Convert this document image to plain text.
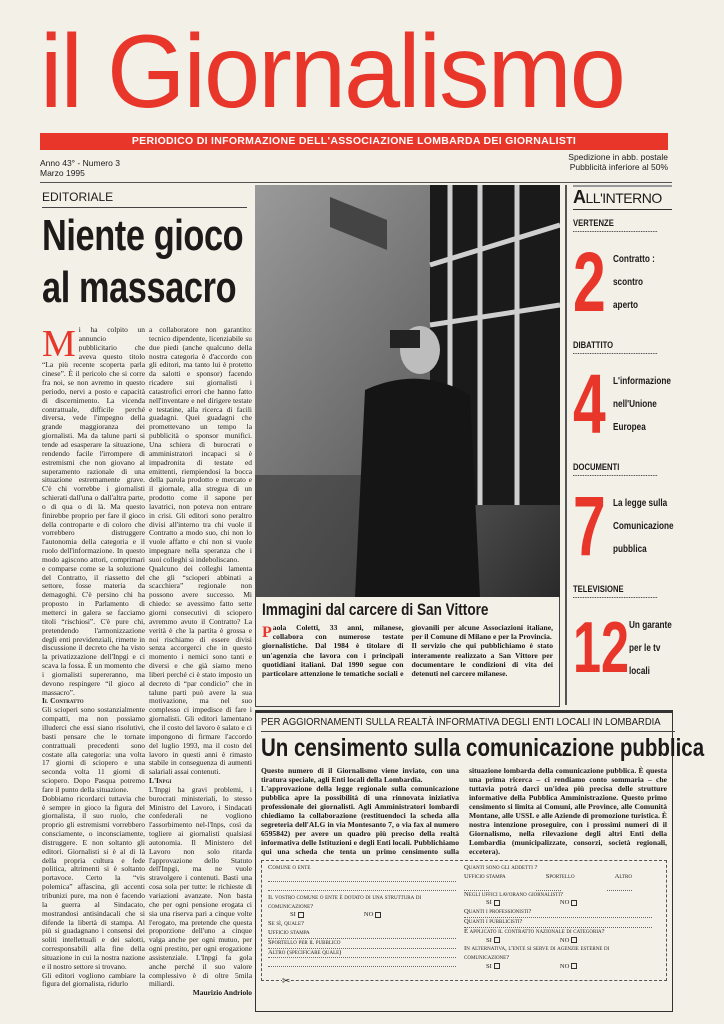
il Giornalismo
PERIODICO DI INFORMAZIONE DELL'ASSOCIAZIONE LOMBARDA DEI GIORNALISTI
Anno 43° - Numero 3
Marzo 1995
Spedizione in abb. postale
Pubblicità inferiore al 50%
EDITORIALE
Niente gioco
al massacro

Mi ha colpito un annuncio pubblicitario che aveva questo titolo “La più recente scoperta parla cinese”. È il pericolo che si corre fra noi, se non avremo in questo periodo, nervi a posto e capacità di discernimento. La vicenda contrattuale, difficile perché diversa, vede l'impegno della grande maggioranza dei giornalisti. Ma da talune parti si tende ad esasperare la situazione, rendendo facile l'irrompere di estremismi che non giovano al superamento razionale di una situazione estremamente grave. C'è chi vorrebbe i giornalisti schierati dall'una o dall'altra parte, o di qua o di là. Ma questo finirebbe proprio per fare il gioco della controparte e di coloro che vorrebbero distruggere l'autonomia della categoria e il ruolo dell'informazione. In questo modo agiscono attori, comprimari e comparse come se la soluzione del Contratto, il riassetto del settore, fosse materia da demagoghi. C'è persino chi ha proposto in Parlamento di metterci in galera se facciamo titoli “rischiosi”. C'è pure chi, pretendendo l'armonizzazione degli enti previdenziali, rimette in discussione il decreto che ha visto la privatizzazione dell'Inpgi e ci scava la fossa. È un momento che i giornalisti supereranno, ma devono respingere “il gioco al massacro”.

Il Contratto

Gli scioperi sono sostanzialmente compatti, ma non possiamo illuderci che essi siano risolutivi, basti pensare che le tornate contrattuali precedenti sono costate alla categoria: una volta 17 giorni di sciopero e una seconda volta 11 giorni di sciopero. Dopo Pasqua potremo fare il punto della situazione.

Dobbiamo ricordarci tuttavia che è sempre in gioco la figura del giornalista, il suo ruolo, che proprio gli estremismi vorrebbero consciamente, o inconsciamente, distruggere. E non soltanto gli editori. Giornalisti si è al di là della propria cultura e fede politica, altrimenti si è soltanto portavoce. Certo la “vis polemica” affascina, gli accenti tribunizi pure, ma non è facendo la guerra al Sindacato, mostrandosi antisindacali che si difende la libertà di stampa. Al più si guadagnano i consensi dei soliti intellettuali e dei salotti, corresponsabili alla fine della situazione in cui la nostra nazione e il nostro settore si trovano.

Gli editori vogliono cambiare la figura del giornalista, ridurlo

a collaboratore non garantito: tecnico dipendente, licenziabile su due piedi (anche qualcuno della nostra categoria è d'accordo con gli editori, ma tanto lui è protetto da salotti e sponsor) facendo ricadere sui giornalisti i catastrofici errori che hanno fatto nell'inventare e nel dirigere testate e testatine, alla ricerca di facili guadagni. Quei guadagni che promettevano un tempo la pubblicità o sponsor munifici. Una schiera di burocrati e amministratori incapaci si è impadronita di testate ed emittenti, riempiendosi la bocca della parola prodotto e mercato e il giornale, alla stregua di un prodotto come il sapone per lavatrici, non poteva non entrare in crisi. Gli editori sono peraltro divisi all'interno tra chi vuole il Contratto a modo suo, chi non lo vuole affatto e chi non si vuole impegnare nella speranza che i suoi colleghi si indeboliscano.

Qualcuno dei colleghi lamenta che gli “scioperi abbinati a scacchiera” regionale non possono avere successo. Mi chiedo: se avessimo fatto sette giorni consecutivi di sciopero avremmo avuto il Contratto? La verità è che la partita è grossa e noi rischiamo di essere divisi senza accorgerci che in questo momento i nemici sono tanti e diversi e che già siamo meno liberi perché ci è stato imposto un decreto di “par condicio” che in talune parti può avere la sua motivazione, ma nel suo complesso ci impedisce di fare i giornalisti. Gli editori lamentano che il costo del lavoro è salato e ci impongono di firmare l'accordo del luglio 1993, ma il costo del lavoro in questi anni è rimasto stabile in conseguenza di aumenti salariali assai contenuti.

L'Inpgi

L'Inpgi ha gravi problemi, i burocrati ministeriali, lo stesso Ministro del Lavoro, i Sindacati confederali ne vogliono l'assorbimento nel-l'Inps, così da togliere ai giornalisti qualsiasi autonomia. Il Ministero del Lavoro non solo ritarda l'approvazione dello Statuto dell'Inpgi, ma ne vuole stravolgere i contenuti. Basti una cosa sola per tutte: le richieste di variazioni avanzate. Non basta che per ogni pensione erogata ci sia una riserva pari a cinque volte l'erogato, ma pretende che questa proporzione dell'uno a cinque valga anche per ogni mutuo, per ogni prestito, per ogni erogazione assistenziale. L'Inpgi fa gola anche perché il suo valore complessivo è di oltre 5mila miliardi.

Maurizio Andriolo

Immagini dal carcere di San Vittore
Paola Coletti, 33 anni, milanese, collabora con numerose testate giornalistiche. Dal 1984 è titolare di un'agenzia che lavora con i principali quotidiani italiani. Dal 1990 segue con particolare attenzione le tematiche sociali e giovanili per alcune Associazioni italiane, per il Comune di Milano e per la Provincia.
Il servizio che qui pubblichiamo è stato interamente realizzato a San Vittore per documentare le condizioni di vita dei detenuti nel carcere milanese.
ALL'INTERNO
VERTENZE
2 Contratto :
scontro
aperto
DIBATTITO
4 L'informazione
nell'Unione
Europea
DOCUMENTI
7 La legge sulla
Comunicazione
pubblica
TELEVISIONE
12 Un garante
per le tv
locali
PER AGGIORNAMENTI SULLA REALTÀ INFORMATIVA DEGLI ENTI LOCALI IN LOMBARDIA
Un censimento sulla comunicazione pubblica

Questo numero di il Giornalismo viene inviato, con una tiratura speciale, agli Enti locali della Lombardia.

L'approvazione della legge regionale sulla comunicazione pubblica apre la possibilità di una rinnovata iniziativa professionale dei giornalisti. Agli Amministratori lombardi chiediamo la collaborazione (restituendoci la scheda alla segreteria dell'ALG in via Montesanto 7, o via fax al numero 6595842) per avere un quadro più preciso della realtà informativa delle Istituzioni e degli Enti locali. Pubblichiamo qui una scheda che tenta un primo censimento sulla situazione lombarda della comunicazione pubblica. È questa una prima ricerca – ci rendiamo conto sommaria – che tuttavia potrà darci un'idea più precisa delle strutture informative della Pubblica Amministrazione. Questo primo censimento si limita ai Comuni, alle Province, alle Comunità Montane, alle USSL e alle Aziende di promozione turistica. È nostra intenzione proseguire, con i prossimi numeri di il Giornalismo, nella rilevazione degli altri Enti della Lombardia (municipalizzate, consorzi, società regionali, eccetera).

Comune o ente
Il vostro comune o ente è dotato di una struttura di comunicazione?
SI	NO
Se sì, quale?
Ufficio stampa
Sportello per il pubblico
Altro (specificare quale)
Quanti sono gli addetti ?
Ufficio stampa	Sportello	Altro
Negli uffici lavorano giornalisti?
SI	NO
Quanti i professionisti?
Quanti i pubblicisti?
È applicato il contratto nazionale di categoria?
SI	NO
In alternativa, l'ente si serve di agenzie esterne di comunicazione?
SI	NO
✂
